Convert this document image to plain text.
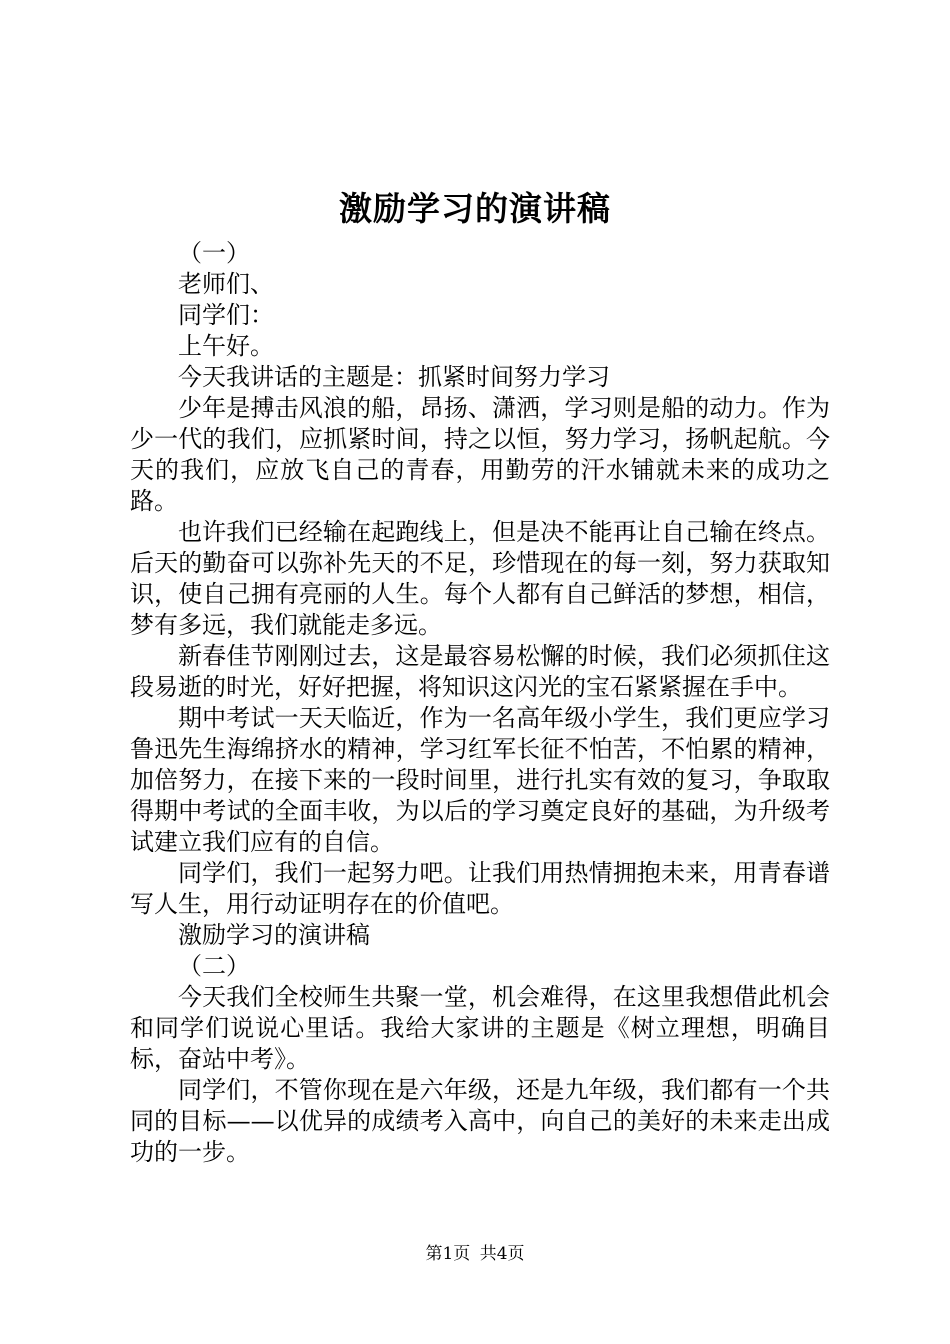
激励学习的演讲稿

（一）

老师们、

同学们：

上午好。

今天我讲话的主题是：抓紧时间努力学习

少年是搏击风浪的船，昂扬、潇洒，学习则是船的动力。作为少一代的我们，应抓紧时间，持之以恒，努力学习，扬帆起航。今天的我们，应放飞自己的青春，用勤劳的汗水铺就未来的成功之路。

也许我们已经输在起跑线上，但是决不能再让自己输在终点。后天的勤奋可以弥补先天的不足，珍惜现在的每一刻，努力获取知识，使自己拥有亮丽的人生。每个人都有自己鲜活的梦想，相信，梦有多远，我们就能走多远。

新春佳节刚刚过去，这是最容易松懈的时候，我们必须抓住这段易逝的时光，好好把握，将知识这闪光的宝石紧紧握在手中。

期中考试一天天临近，作为一名高年级小学生，我们更应学习鲁迅先生海绵挤水的精神，学习红军长征不怕苦，不怕累的精神，加倍努力，在接下来的一段时间里，进行扎实有效的复习，争取取得期中考试的全面丰收，为以后的学习奠定良好的基础，为升级考试建立我们应有的自信。

同学们，我们一起努力吧。让我们用热情拥抱未来，用青春谱写人生，用行动证明存在的价值吧。

激励学习的演讲稿

（二）

今天我们全校师生共聚一堂，机会难得，在这里我想借此机会和同学们说说心里话。我给大家讲的主题是《树立理想，明确目标，奋站中考》。

同学们，不管你现在是六年级，还是九年级，我们都有一个共同的目标——以优异的成绩考入高中，向自己的美好的未来走出成功的一步。

第1页 共4页
